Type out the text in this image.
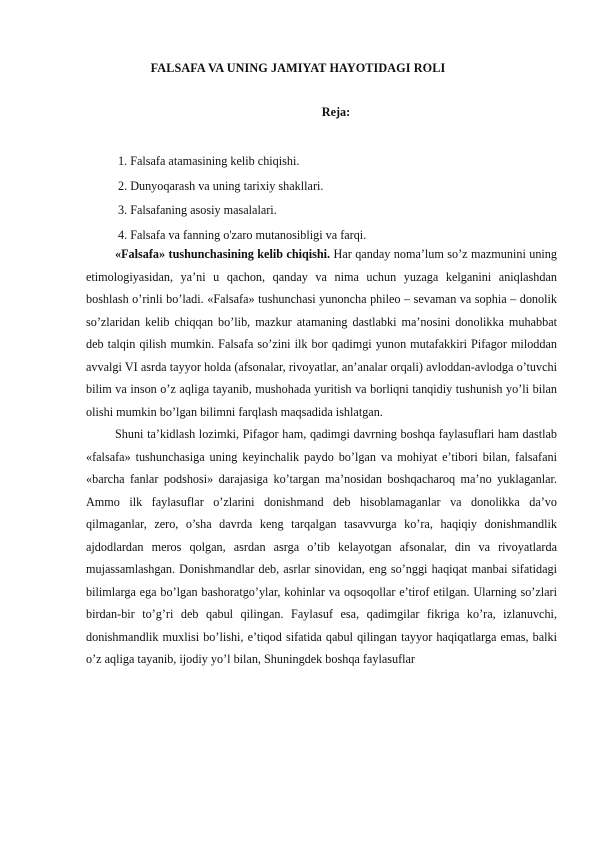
FALSAFA VA UNING JAMIYAT HAYOTIDAGI ROLI
Reja:
1. Falsafa atamasining kelib chiqishi.
2. Dunyoqarash va uning tarixiy shakllari.
3. Falsafaning asosiy masalalari.
4. Falsafa va fanning o'zaro mutanosibligi va farqi.

«Falsafa» tushunchasining kelib chiqishi. Har qanday noma’lum so’z mazmunini uning etimologiyasidan, ya’ni u qachon, qanday va nima uchun yuzaga kelganini aniqlashdan boshlash o’rinli bo’ladi. «Falsafa» tushunchasi yunoncha phileo – sevaman va sophia – donolik so’zlaridan kelib chiqqan bo’lib, mazkur atamaning dastlabki ma’nosini donolikka muhabbat deb talqin qilish mumkin. Falsafa so’zini ilk bor qadimgi yunon mutafakkiri Pifagor miloddan avvalgi VI asrda tayyor holda (afsonalar, rivoyatlar, an’analar orqali) avloddan-avlodga o’tuvchi bilim va inson o’z aqliga tayanib, mushohada yuritish va borliqni tanqidiy tushunish yo’li bilan olishi mumkin bo’lgan bilimni farqlash maqsadida ishlatgan.

Shuni ta’kidlash lozimki, Pifagor ham, qadimgi davrning boshqa faylasuflari ham dastlab «falsafa» tushunchasiga uning keyinchalik paydo bo’lgan va mohiyat e’tibori bilan, falsafani «barcha fanlar podshosi» darajasiga ko’targan ma’nosidan boshqacharoq ma’no yuklaganlar. Ammo ilk faylasuflar o’zlarini donishmand deb hisoblamaganlar va donolikka da’vo qilmaganlar, zero, o’sha davrda keng tarqalgan tasavvurga ko’ra, haqiqiy donishmandlik ajdodlardan meros qolgan, asrdan asrga o’tib kelayotgan afsonalar, din va rivoyatlarda mujassamlashgan. Donishmandlar deb, asrlar sinovidan, eng so’nggi haqiqat manbai sifatidagi bilimlarga ega bo’lgan bashoratgo’ylar, kohinlar va oqsoqollar e’tirof etilgan. Ularning so’zlari birdan-bir to’g’ri deb qabul qilingan. Faylasuf esa, qadimgilar fikriga ko’ra, izlanuvchi, donishmandlik muxlisi bo’lishi, e’tiqod sifatida qabul qilingan tayyor haqiqatlarga emas, balki o’z aqliga tayanib, ijodiy yo’l bilan, Shuningdek boshqa faylasuflar
